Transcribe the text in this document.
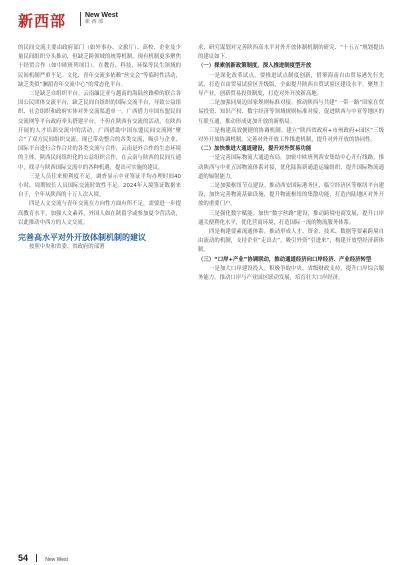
新西部	New West
新 西 部

的民间交流主要由政府部门（如外事办、文旅厅）、高校、企业及少量民间组织分头推动，但缺乏跨领域的统筹机制，现有机制更多聚焦于经贸合作（如中欧班列项目）。在教育、科技、环保等民生领域的民间机制严重不足。文化、青年交流多依赖“丝交会”等临时性活动，缺乏类似“澜湄青年交流中心”的常态化平台。

二是缺乏自组织平台。云南缅泛亚与越南的海陆丝路桥的联合各国公民团体交流平台，缺乏民间自组织的国际交流平台，导致公益组织、社会组织和政府实体对外交流渠道单一。广西借力中国东盟民间交流网等平台政府牵头搭建平台，不但在陕西有交流的活动，在陕西开展的人才培训交流中的活动，广西借助中国东盟民间交流网“聚合”了双方民间组织交流，现已带动整合的各类交流，吸引与企业、国际平台进行合作合并的各类交流与合作，云南是外合作的生态环境的主体，陕西民间组织化的公益组织合作，在云南与陕西的民间互通中，找寻与陕西国际交流中的各种机遇，提出可实施的建议。

三是人员往来便利度不足。调查显示中亚签证平均办理时间40小时，周期较长人员国际交流时效性不足。2024年入境签证数据来自于，全年从陕西的十万人次入境。

四是人文交流与青年交流在方向性方面有所不足，需要进一步提高教育水平，加强人文素养，外国人如在陕留学或参加夏令营活动，以此推动中西方的人文交流。

完善高水平对外开放体制机制的建议

按照中央和省委、省政府的部署

求，研究谋划对完善陕西高水平对外开放体制机制的研究、“十五五”规划提出的建议如下。

（一）探索创新政策制度，深入推进制度型开放

一是深化改革试点。要推进试点制度创新，借鉴海南自由贸易港先行先试，打造自由贸易试验区升级版，全面提升陕西自贸试验区建设水平，聚焦主导产业，创新贸易投资制度，打造对外开放新高地。

二是加强同周边国家规则标准对接。推动陕西与共建“一带一路”国家在贸易投资、知识产权、数字经济等领域规则标准对接，促进陕西与中亚等地区的互联互通，推动形成更加开放的新格局。

三是构建高效便捷的协调机制。建立“陕西省政府+市州政府+园区”三级对外开放协调机制，完善对外开放工作推进机制，提升对外开放的协同性。

（二）加快推进大通道建设，提升对外贸易功能

一是完善国际物流大通道布局。加密中欧班列西安集结中心开行线路，推动陕西与中亚五国物流体系对接，优化陆海新通道运输组织，提升国际物流通道的辐射能力。

二是加强枢纽节点建设。推动西安国际港务区、临空经济区等枢纽平台建设，加快完善物流基础设施，提升物流枢纽的集散功能，打造内陆地区对外开放的重要门户。

三是强化数字赋能。加快“数字丝路”建设，推动跨境电商发展，提升口岸通关便利化水平，优化营商环境，打造国际一流的物流服务体系。

四是构建要素流通体系。推动形成人才、资金、技术、数据等要素跨境自由流动的机制，支持企业“走出去”，吸引外资“引进来”，构建开放型经济新体制。

（三）“口岸+产业”协调联动，推动通道经济向口岸经济、产业经济转型

一是加大口岸建设投入。积极争取中央、省级财政支持，提升口岸综合服务能力，推动口岸与产业园区联动发展，培育壮大口岸经济。

54	New West
